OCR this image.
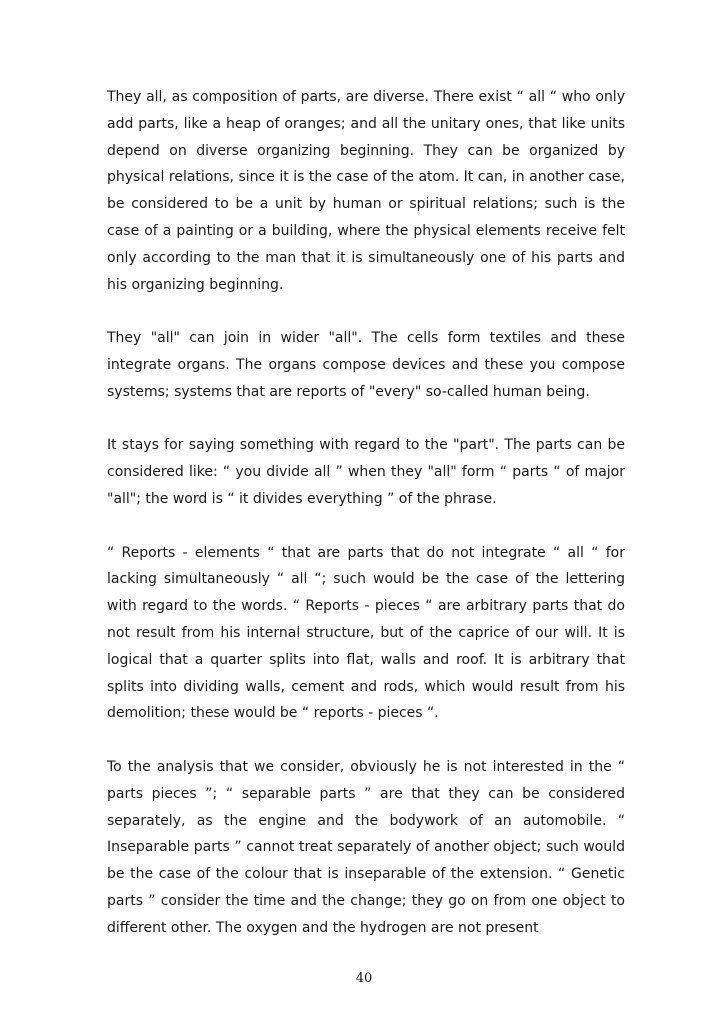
They all, as composition of parts, are diverse. There exist “ all “ who only add parts, like a heap of oranges; and all the unitary ones, that like units depend on diverse organizing beginning. They can be organized by physical relations, since it is the case of the atom. It can, in another case, be considered to be a unit by human or spiritual relations; such is the case of a painting or a building, where the physical elements receive felt only according to the man that it is simultaneously one of his parts and his organizing beginning.

They "all" can join in wider "all". The cells form textiles and these integrate organs. The organs compose devices and these you compose systems; systems that are reports of "every" so-called human being.

It stays for saying something with regard to the "part". The parts can be considered like: “ you divide all ” when they "all" form “ parts “ of major "all"; the word is “ it divides everything ” of the phrase.

“ Reports - elements “ that are parts that do not integrate “ all “ for lacking simultaneously “ all “; such would be the case of the lettering with regard to the words. “ Reports - pieces “ are arbitrary parts that do not result from his internal structure, but of the caprice of our will. It is logical that a quarter splits into flat, walls and roof. It is arbitrary that splits into dividing walls, cement and rods, which would result from his demolition; these would be “ reports - pieces “.

To the analysis that we consider, obviously he is not interested in the “ parts pieces ”; “ separable parts ” are that they can be considered separately, as the engine and the bodywork of an automobile. “ Inseparable parts ” cannot treat separately of another object; such would be the case of the colour that is inseparable of the extension. “ Genetic parts ” consider the time and the change; they go on from one object to different other. The oxygen and the hydrogen are not present

40
